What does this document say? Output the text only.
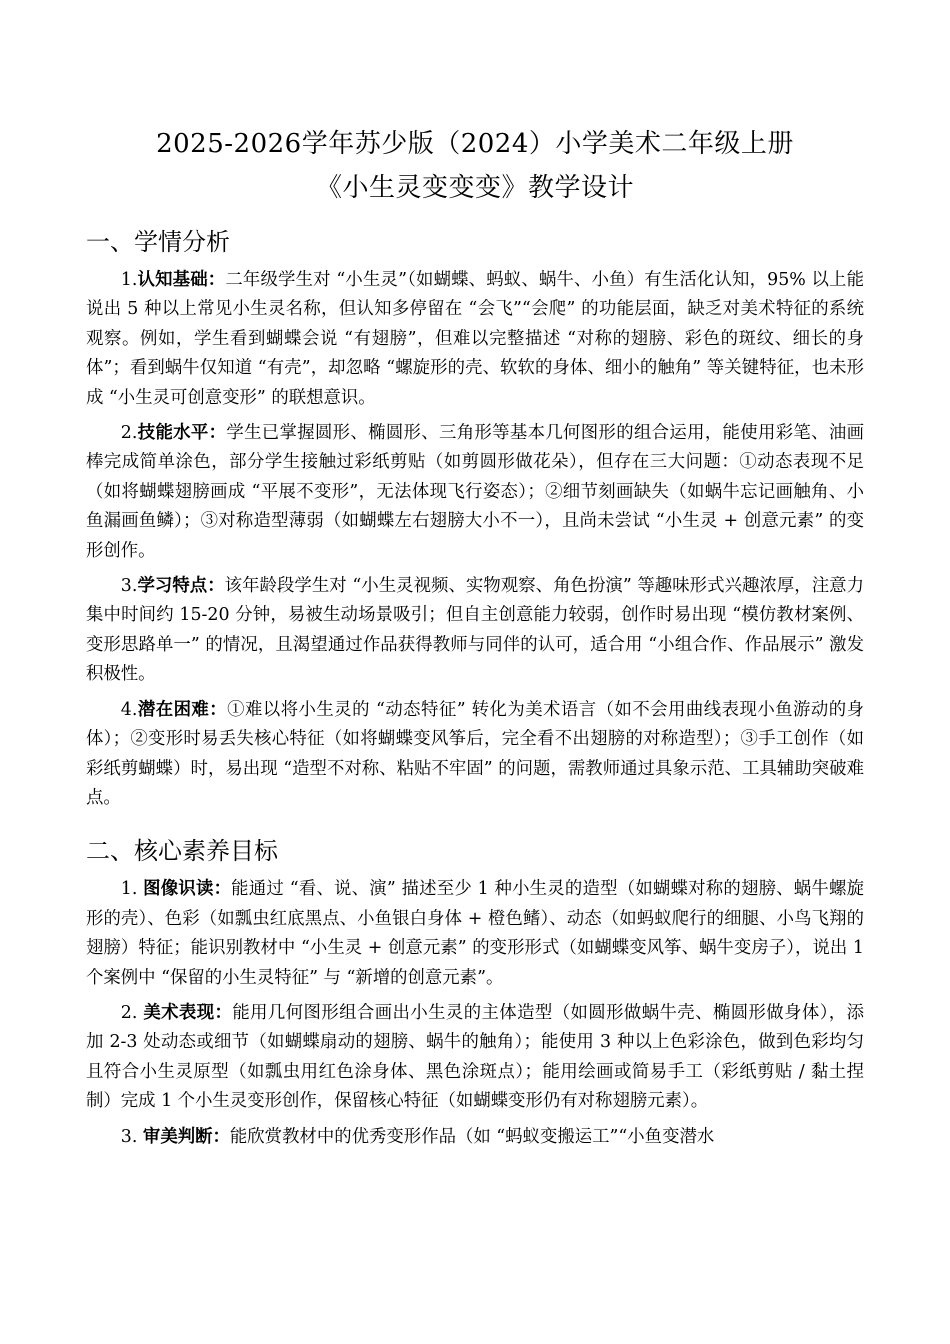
2025-2026学年苏少版（2024）小学美术二年级上册
《小生灵变变变》教学设计
一、学情分析

1.认知基础：二年级学生对 “小生灵”（如蝴蝶、蚂蚁、蜗牛、小鱼）有生活化认知，95% 以上能说出 5 种以上常见小生灵名称，但认知多停留在 “会飞”“会爬” 的功能层面，缺乏对美术特征的系统观察。例如，学生看到蝴蝶会说 “有翅膀”，但难以完整描述 “对称的翅膀、彩色的斑纹、细长的身体”；看到蜗牛仅知道 “有壳”，却忽略 “螺旋形的壳、软软的身体、细小的触角” 等关键特征，也未形成 “小生灵可创意变形” 的联想意识。

2.技能水平：学生已掌握圆形、椭圆形、三角形等基本几何图形的组合运用，能使用彩笔、油画棒完成简单涂色，部分学生接触过彩纸剪贴（如剪圆形做花朵），但存在三大问题：①动态表现不足（如将蝴蝶翅膀画成 “平展不变形”，无法体现飞行姿态）；②细节刻画缺失（如蜗牛忘记画触角、小鱼漏画鱼鳞）；③对称造型薄弱（如蝴蝶左右翅膀大小不一），且尚未尝试 “小生灵 + 创意元素” 的变形创作。

3.学习特点：该年龄段学生对 “小生灵视频、实物观察、角色扮演” 等趣味形式兴趣浓厚，注意力集中时间约 15-20 分钟，易被生动场景吸引；但自主创意能力较弱，创作时易出现 “模仿教材案例、变形思路单一” 的情况，且渴望通过作品获得教师与同伴的认可，适合用 “小组合作、作品展示” 激发积极性。

4.潜在困难：①难以将小生灵的 “动态特征” 转化为美术语言（如不会用曲线表现小鱼游动的身体）；②变形时易丢失核心特征（如将蝴蝶变风筝后，完全看不出翅膀的对称造型）；③手工创作（如彩纸剪蝴蝶）时，易出现 “造型不对称、粘贴不牢固” 的问题，需教师通过具象示范、工具辅助突破难点。

二、核心素养目标

1. 图像识读：能通过 “看、说、演” 描述至少 1 种小生灵的造型（如蝴蝶对称的翅膀、蜗牛螺旋形的壳）、色彩（如瓢虫红底黑点、小鱼银白身体 + 橙色鳍）、动态（如蚂蚁爬行的细腿、小鸟飞翔的翅膀）特征；能识别教材中 “小生灵 + 创意元素” 的变形形式（如蝴蝶变风筝、蜗牛变房子），说出 1 个案例中 “保留的小生灵特征” 与 “新增的创意元素”。

2. 美术表现：能用几何图形组合画出小生灵的主体造型（如圆形做蜗牛壳、椭圆形做身体），添加 2-3 处动态或细节（如蝴蝶扇动的翅膀、蜗牛的触角）；能使用 3 种以上色彩涂色，做到色彩均匀且符合小生灵原型（如瓢虫用红色涂身体、黑色涂斑点）；能用绘画或简易手工（彩纸剪贴 / 黏土捏制）完成 1 个小生灵变形创作，保留核心特征（如蝴蝶变形仍有对称翅膀元素）。

3. 审美判断：能欣赏教材中的优秀变形作品（如 “蚂蚁变搬运工”“小鱼变潜水
